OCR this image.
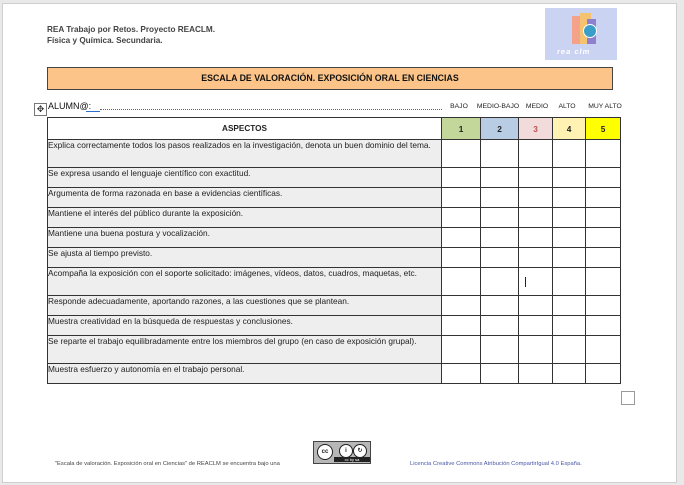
REA Trabajo por Retos. Proyecto REACLM.
Física y Química. Secundaria.
rea clm
ESCALA DE VALORACIÓN. EXPOSICIÓN ORAL EN CIENCIAS
✥ ALUMN@:	BAJO	MEDIO-BAJO MEDIO	ALTO	MUY ALTO
ASPECTOS	1	2	3	4	5
Explica correctamente todos los pasos realizados en la investigación, denota un buen dominio del tema.					
Se expresa usando el lenguaje científico con exactitud.					
Argumenta de forma razonada en base a evidencias científicas.					
Mantiene el interés del público durante la exposición.					
Mantiene una buena postura y vocalización.					
Se ajusta al tiempo previsto.					
Acompaña la exposición con el soporte solicitado: imágenes, vídeos, datos, cuadros, maquetas, etc.					
Responde adecuadamente, aportando razones, a las cuestiones que se plantean.					
Muestra creatividad en la búsqueda de respuestas y conclusiones.					
Se reparte el trabajo equilibradamente entre los miembros del grupo (en caso de exposición grupal).					
Muestra esfuerzo y autonomía en el trabajo personal.					
cc	i	↻
cc by sa
"Escala de valoración. Exposición oral en Ciencias" de REACLM se encuentra bajo una	Licencia Creative Commons Atribución CompartirIgual 4.0 España.
